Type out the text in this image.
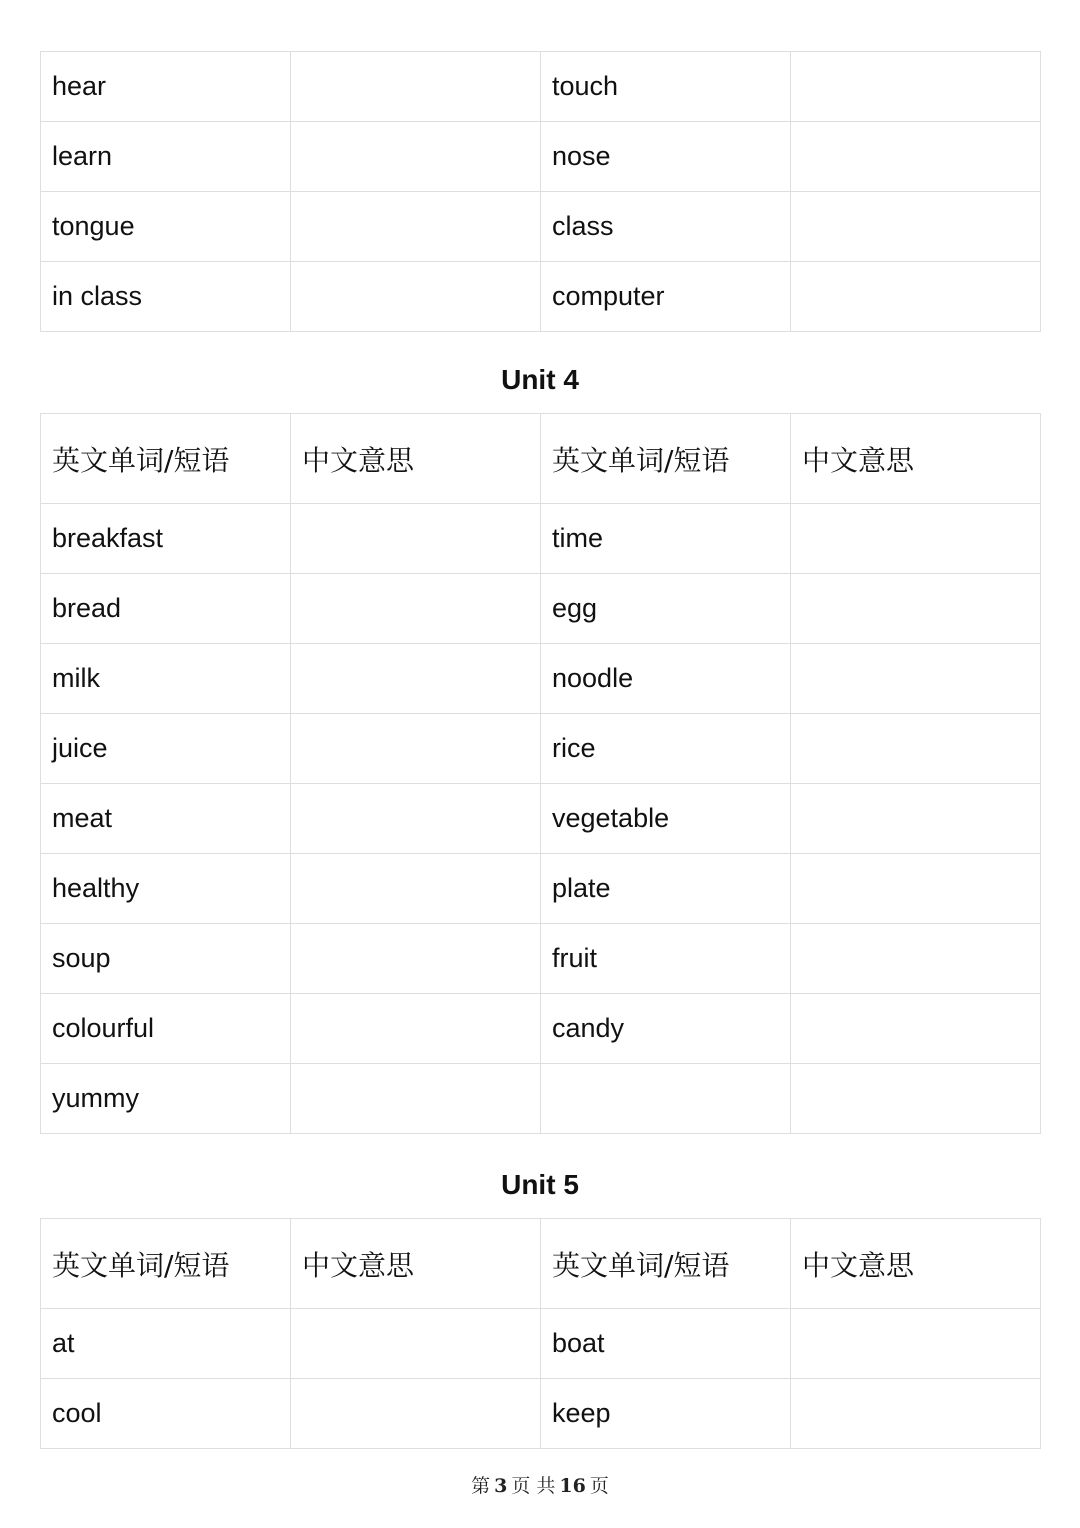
hear		touch	
learn		nose	
tongue		class	
in class		computer	
Unit 4
英文单词/短语	中文意思	英文单词/短语	中文意思
breakfast		time	
bread		egg	
milk		noodle	
juice		rice	
meat		vegetable	
healthy		plate	
soup		fruit	
colourful		candy	
yummy			
Unit 5
英文单词/短语	中文意思	英文单词/短语	中文意思
at		boat	
cool		keep	
第 3 页 共 16 页
